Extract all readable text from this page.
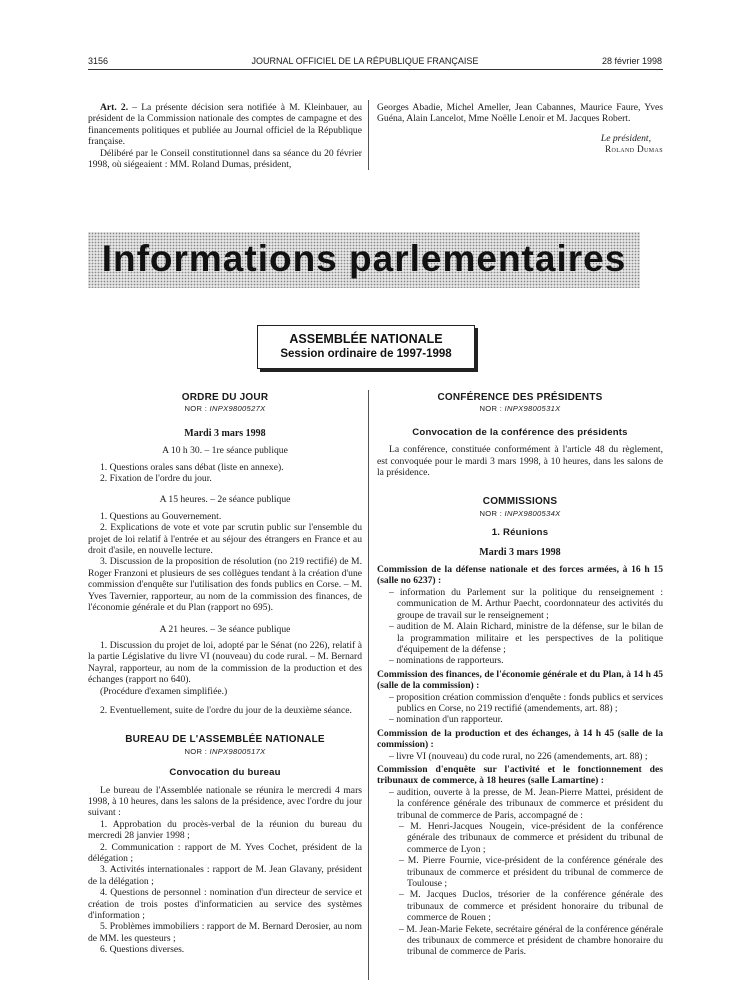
3156	JOURNAL OFFICIEL DE LA RÉPUBLIQUE FRANÇAISE	28 février 1998

Art. 2. – La présente décision sera notifiée à M. Kleinbauer, au président de la Commission nationale des comptes de campagne et des financements politiques et publiée au Journal officiel de la République française.

Délibéré par le Conseil constitutionnel dans sa séance du 20 février 1998, où siégeaient : MM. Roland Dumas, président,

Georges Abadie, Michel Ameller, Jean Cabannes, Maurice Faure, Yves Guéna, Alain Lancelot, Mme Noëlle Lenoir et M. Jacques Robert.

Le président,

Roland Dumas

Informations parlementaires
ASSEMBLÉE NATIONALE
Session ordinaire de 1997-1998

ORDRE DU JOUR

NOR : INPX9800527X

Mardi 3 mars 1998

A 10 h 30. – 1re séance publique

1. Questions orales sans débat (liste en annexe).

2. Fixation de l'ordre du jour.

A 15 heures. – 2e séance publique

1. Questions au Gouvernement.

2. Explications de vote et vote par scrutin public sur l'ensemble du projet de loi relatif à l'entrée et au séjour des étrangers en France et au droit d'asile, en nouvelle lecture.

3. Discussion de la proposition de résolution (no 219 rectifié) de M. Roger Franzoni et plusieurs de ses collègues tendant à la création d'une commission d'enquête sur l'utilisation des fonds publics en Corse. – M. Yves Tavernier, rapporteur, au nom de la commission des finances, de l'économie générale et du Plan (rapport no 695).

A 21 heures. – 3e séance publique

1. Discussion du projet de loi, adopté par le Sénat (no 226), relatif à la partie Législative du livre VI (nouveau) du code rural. – M. Bernard Nayral, rapporteur, au nom de la commission de la production et des échanges (rapport no 640).

(Procédure d'examen simplifiée.)

2. Eventuellement, suite de l'ordre du jour de la deuxième séance.

BUREAU DE L'ASSEMBLÉE NATIONALE

NOR : INPX9800517X

Convocation du bureau

Le bureau de l'Assemblée nationale se réunira le mercredi 4 mars 1998, à 10 heures, dans les salons de la présidence, avec l'ordre du jour suivant :

1. Approbation du procès-verbal de la réunion du bureau du mercredi 28 janvier 1998 ;

2. Communication : rapport de M. Yves Cochet, président de la délégation ;

3. Activités internationales : rapport de M. Jean Glavany, président de la délégation ;

4. Questions de personnel : nomination d'un directeur de service et création de trois postes d'informaticien au service des systèmes d'information ;

5. Problèmes immobiliers : rapport de M. Bernard Derosier, au nom de MM. les questeurs ;

6. Questions diverses.

CONFÉRENCE DES PRÉSIDENTS

NOR : INPX9800531X

Convocation de la conférence des présidents

La conférence, constituée conformément à l'article 48 du règlement, est convoquée pour le mardi 3 mars 1998, à 10 heures, dans les salons de la présidence.

COMMISSIONS

NOR : INPX9800534X

1. Réunions

Mardi 3 mars 1998

Commission de la défense nationale et des forces armées, à 16 h 15 (salle no 6237) :

– information du Parlement sur la politique du renseignement : communication de M. Arthur Paecht, coordonnateur des activités du groupe de travail sur le renseignement ;

– audition de M. Alain Richard, ministre de la défense, sur le bilan de la programmation militaire et les perspectives de la politique d'équipement de la défense ;

– nominations de rapporteurs.

Commission des finances, de l'économie générale et du Plan, à 14 h 45 (salle de la commission) :

– proposition création commission d'enquête : fonds publics et services publics en Corse, no 219 rectifié (amendements, art. 88) ;

– nomination d'un rapporteur.

Commission de la production et des échanges, à 14 h 45 (salle de la commission) :

– livre VI (nouveau) du code rural, no 226 (amendements, art. 88) ;

Commission d'enquête sur l'activité et le fonctionnement des tribunaux de commerce, à 18 heures (salle Lamartine) :

– audition, ouverte à la presse, de M. Jean-Pierre Mattei, président de la conférence générale des tribunaux de commerce et président du tribunal de commerce de Paris, accompagné de :

– M. Henri-Jacques Nougein, vice-président de la conférence générale des tribunaux de commerce et président du tribunal de commerce de Lyon ;

– M. Pierre Fournie, vice-président de la conférence générale des tribunaux de commerce et président du tribunal de commerce de Toulouse ;

– M. Jacques Duclos, trésorier de la conférence générale des tribunaux de commerce et président honoraire du tribunal de commerce de Rouen ;

– M. Jean-Marie Fekete, secrétaire général de la conférence générale des tribunaux de commerce et président de chambre honoraire du tribunal de commerce de Paris.
